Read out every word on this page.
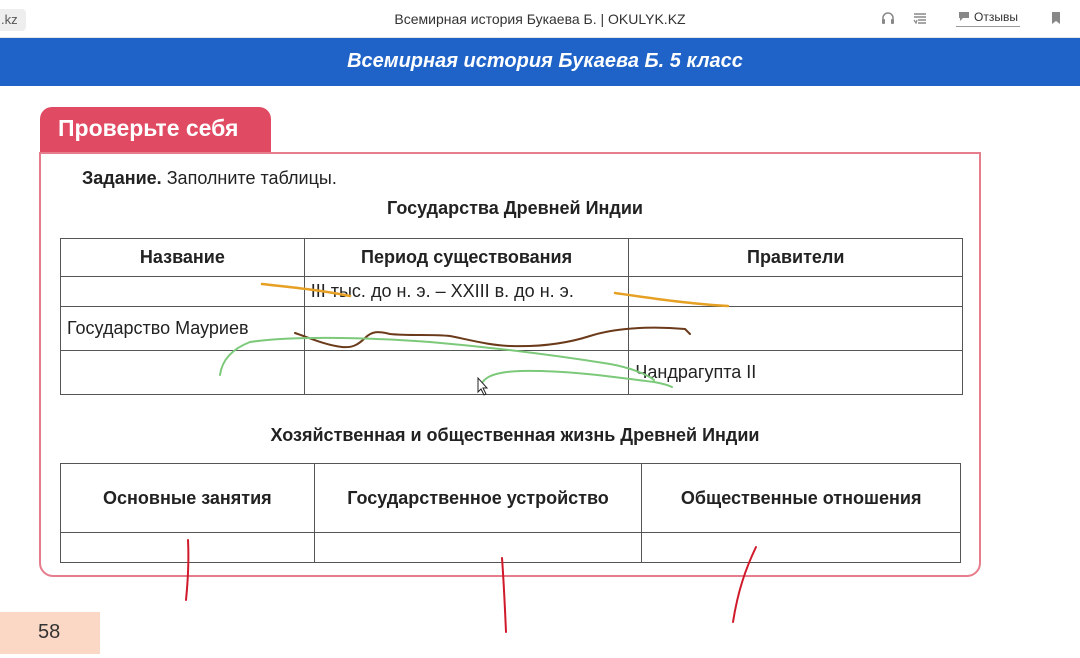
.kz	Всемирная история Букаева Б. | OKULYK.KZ	Отзывы
Всемирная история Букаева Б. 5 класс
Проверьте себя
Задание. Заполните таблицы.
Государства Древней Индии
Название	Период существования	Правители
	III тыс. до н. э. – XXIII в. до н. э.	
Государство Мауриев		
		Чандрагупта II
Хозяйственная и общественная жизнь Древней Индии
Основные занятия	Государственное устройство	Общественные отношения

58
